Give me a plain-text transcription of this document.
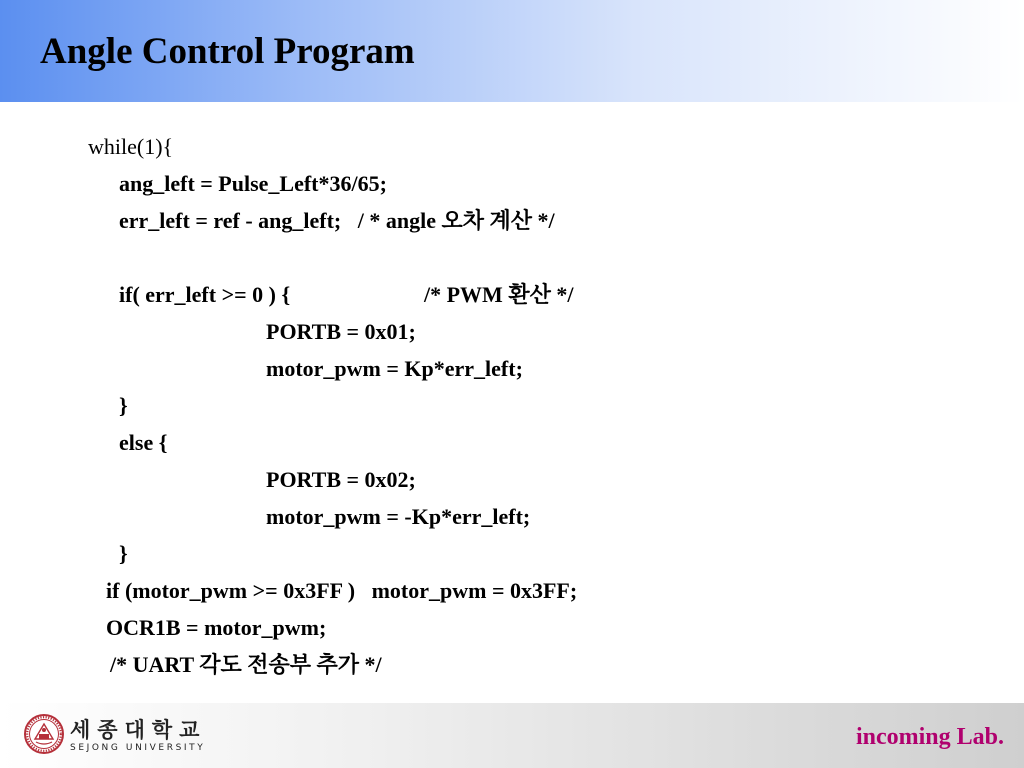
Angle Control Program
while(1){
ang_left = Pulse_Left*36/65;
err_left = ref - ang_left;   / * angle 오차 계산 */
if( err_left >= 0 ) {	/* PWM 환산 */
PORTB = 0x01;
motor_pwm = Kp*err_left;
}
else {
PORTB = 0x02;
motor_pwm = -Kp*err_left;
}
if (motor_pwm >= 0x3FF )   motor_pwm = 0x3FF;
OCR1B = motor_pwm;
/* UART 각도 전송부 추가 */
세종대학교
SEJONG UNIVERSITY	incoming Lab.
